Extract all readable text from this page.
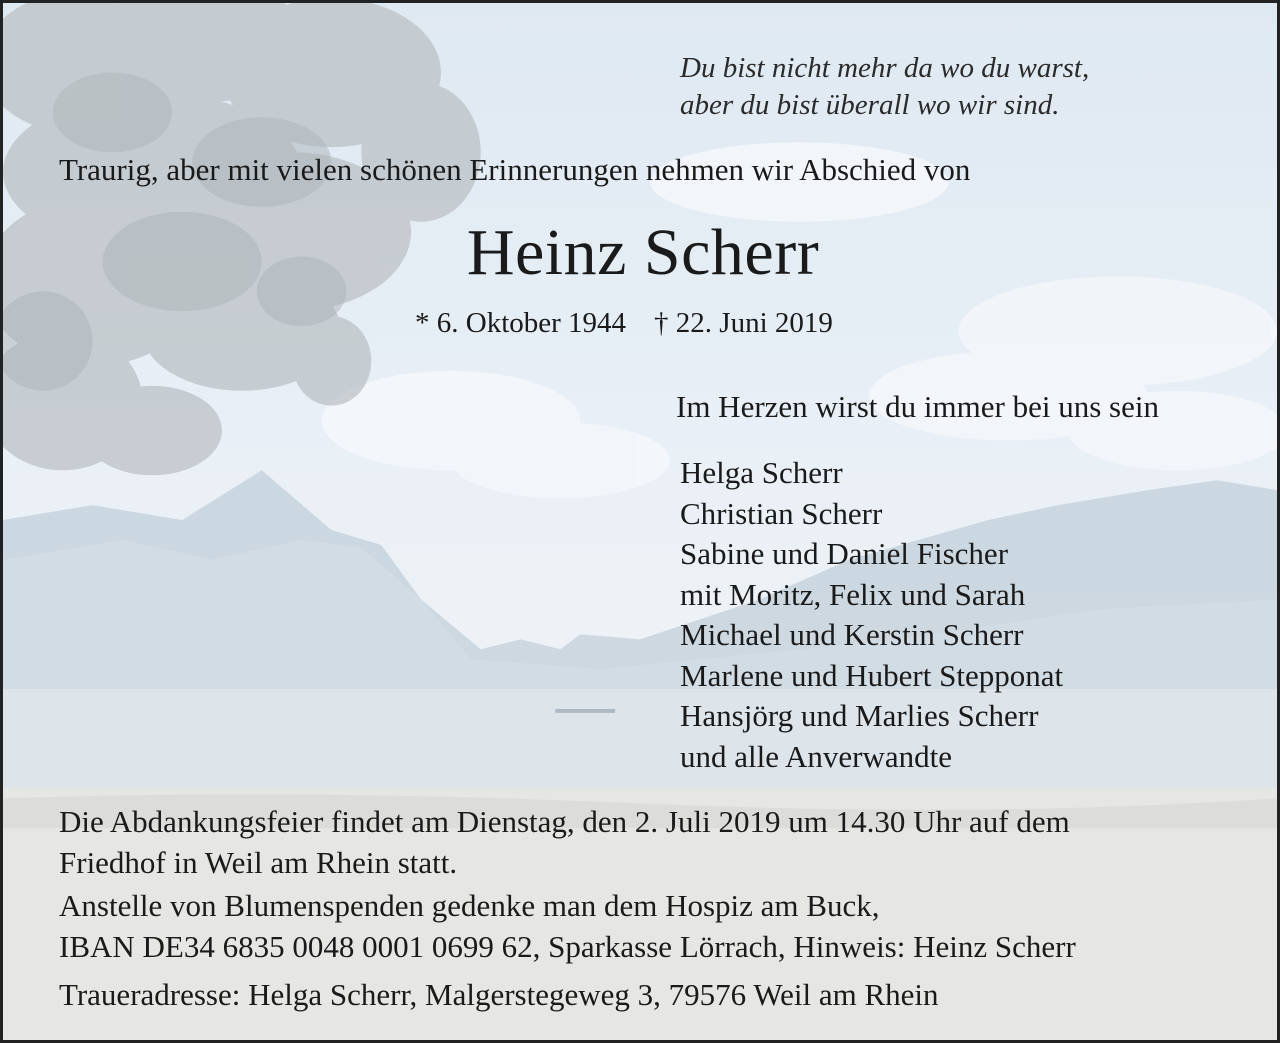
Du bist nicht mehr da wo du warst,
aber du bist überall wo wir sind.
Traurig, aber mit vielen schönen Erinnerungen nehmen wir Abschied von
Heinz Scherr
* 6. Oktober 1944 † 22. Juni 2019
Im Herzen wirst du immer bei uns sein
Helga Scherr
Christian Scherr
Sabine und Daniel Fischer
mit Moritz, Felix und Sarah
Michael und Kerstin Scherr
Marlene und Hubert Stepponat
Hansjörg und Marlies Scherr
und alle Anverwandte
Die Abdankungsfeier findet am Dienstag, den 2. Juli 2019 um 14.30 Uhr auf dem
Friedhof in Weil am Rhein statt.
Anstelle von Blumenspenden gedenke man dem Hospiz am Buck,
IBAN DE34 6835 0048 0001 0699 62, Sparkasse Lörrach, Hinweis: Heinz Scherr
Traueradresse: Helga Scherr, Malgerstegeweg 3, 79576 Weil am Rhein
